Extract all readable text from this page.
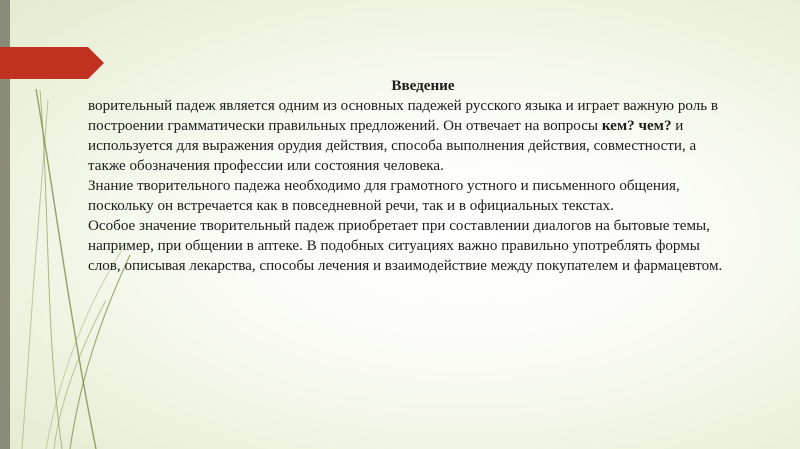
Введение

ворительный падеж является одним из основных падежей русского языка и играет важную роль в построении грамматически правильных предложений. Он отвечает на вопросы кем? чем? и используется для выражения орудия действия, способа выполнения действия, совместности, а также обозначения профессии или состояния человека.

Знание творительного падежа необходимо для грамотного устного и письменного общения, поскольку он встречается как в повседневной речи, так и в официальных текстах.

Особое значение творительный падеж приобретает при составлении диалогов на бытовые темы, например, при общении в аптеке. В подобных ситуациях важно правильно употреблять формы слов, описывая лекарства, способы лечения и взаимодействие между покупателем и фармацевтом.
